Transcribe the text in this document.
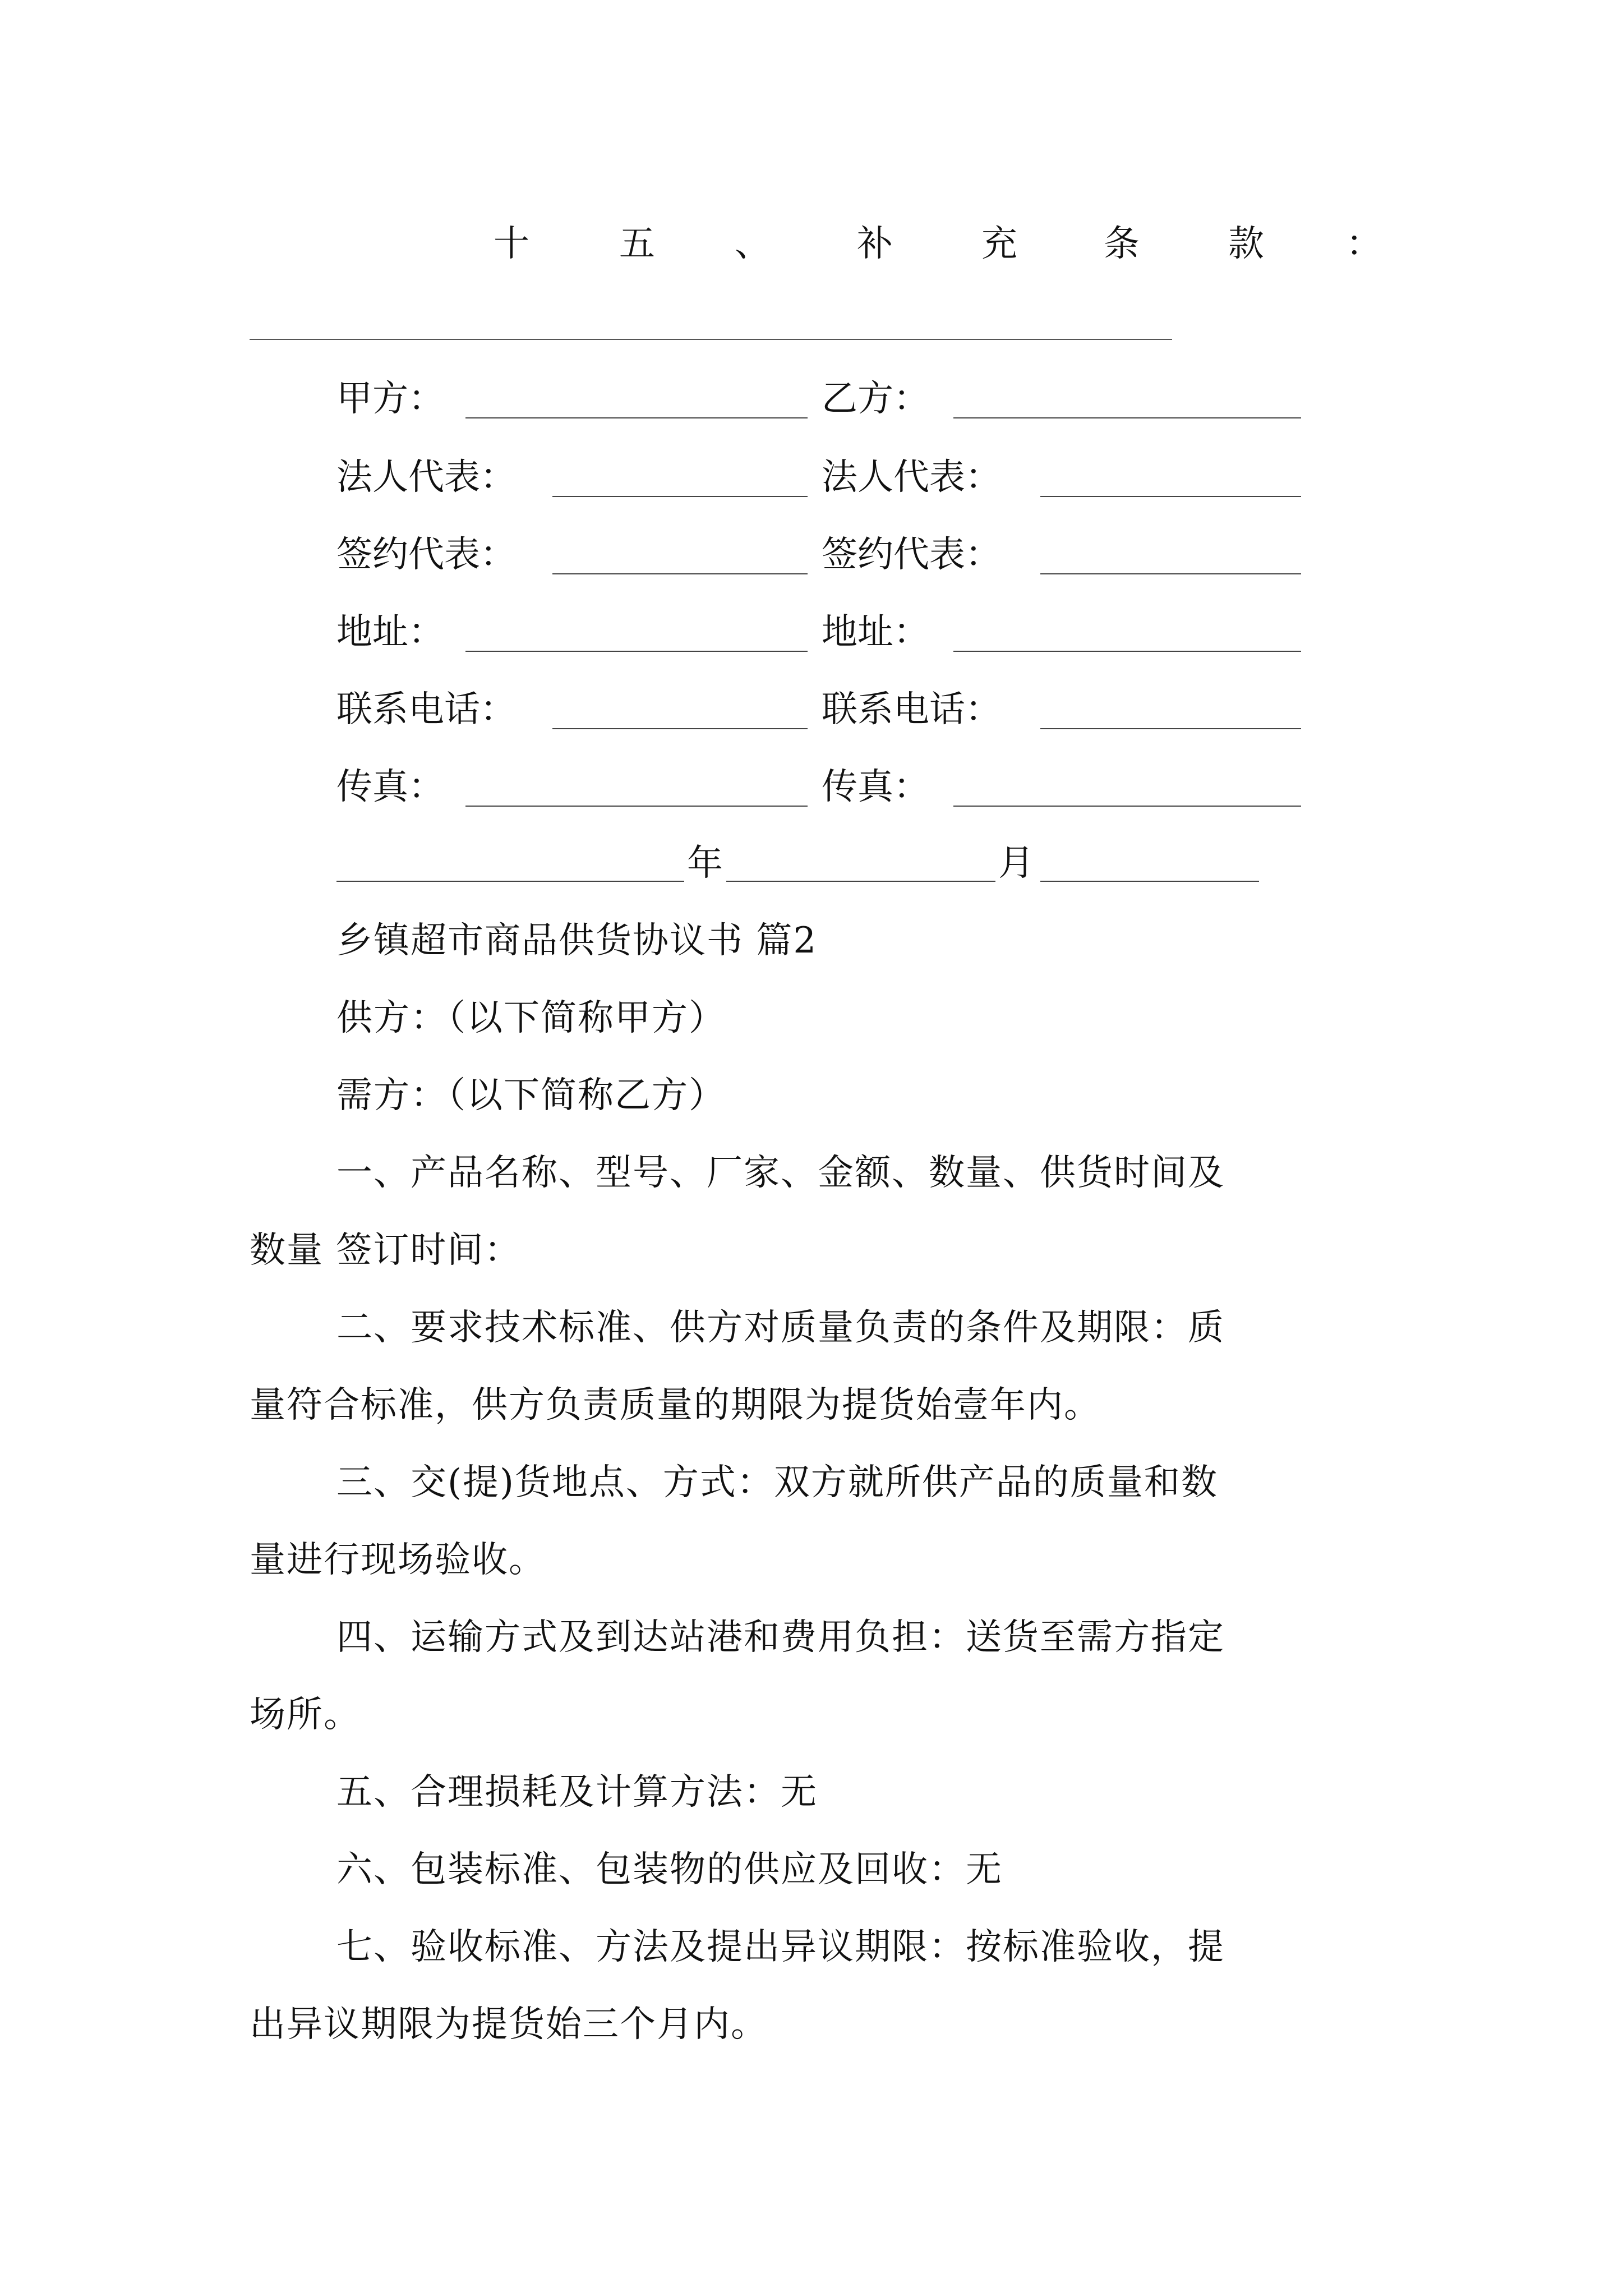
十	五 、 补 充 条 款 ：
甲方：	乙方：
法人代表：	法人代表：
签约代表：	签约代表：
地址：	地址：
联系电话：	联系电话：
传真：	传真：
年	月
乡镇超市商品供货协议书 篇2
供方：（以下简称甲方）
需方：（以下简称乙方）
一、产品名称、型号、厂家、金额、数量、供货时间及
数量 签订时间：
二、要求技术标准、供方对质量负责的条件及期限：质
量符合标准，供方负责质量的期限为提货始壹年内。
三、交(提)货地点、方式：双方就所供产品的质量和数
量进行现场验收。
四、运输方式及到达站港和费用负担：送货至需方指定
场所。
五、合理损耗及计算方法：无
六、包装标准、包装物的供应及回收：无
七、验收标准、方法及提出异议期限：按标准验收，提
出异议期限为提货始三个月内。
